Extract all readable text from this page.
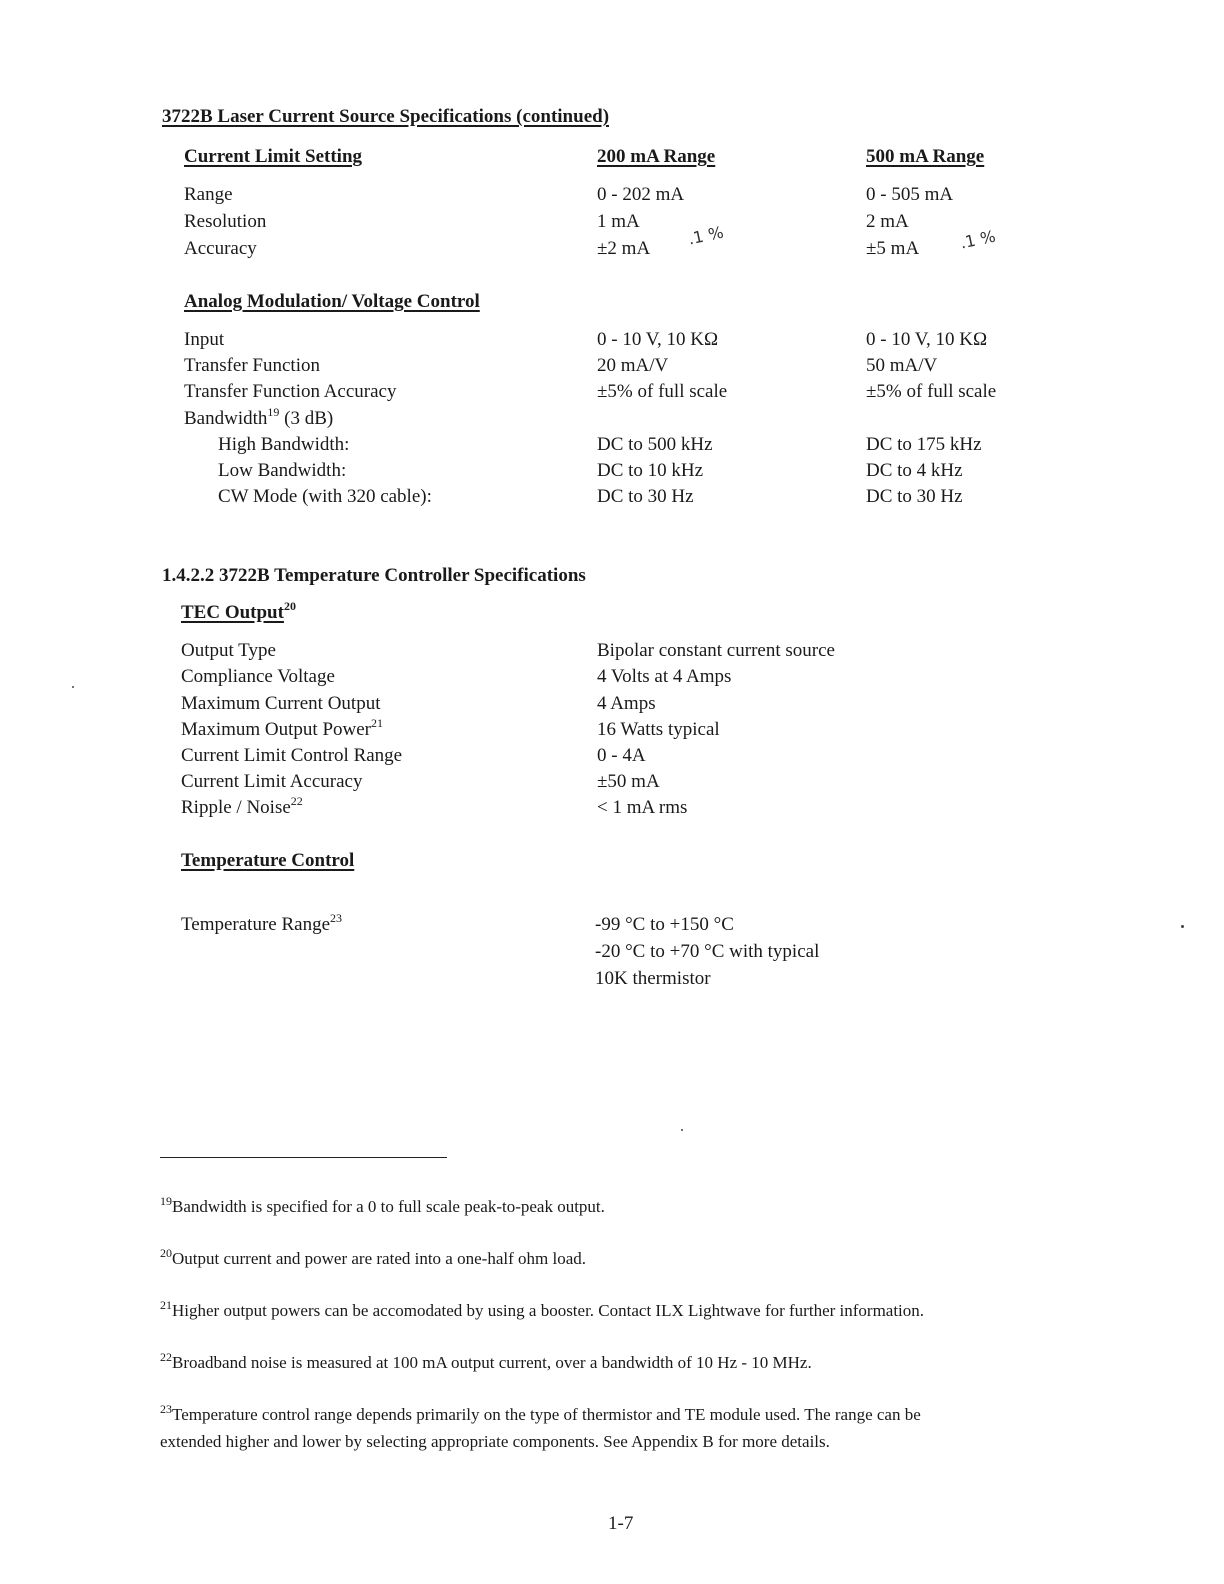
3722B Laser Current Source Specifications (continued)
Current Limit Setting	200 mA Range	500 mA Range
Range	0 - 202 mA	0 - 505 mA
Resolution	1 mA	2 mA
Accuracy	±2 mA	±5 mA
.1 %	.1 %
Analog Modulation/ Voltage Control
Input	0 - 10 V, 10 KΩ	0 - 10 V, 10 KΩ
Transfer Function	20 mA/V	50 mA/V
Transfer Function Accuracy	±5% of full scale	±5% of full scale
Bandwidth$^{19}$ (3 dB)
High Bandwidth:	DC to 500 kHz	DC to 175 kHz
Low Bandwidth:	DC to 10 kHz	DC to 4 kHz
CW Mode (with 320 cable):	DC to 30 Hz	DC to 30 Hz
1.4.2.2 3722B Temperature Controller Specifications
TEC Output$^{20}$
Output Type	Bipolar constant current source
Compliance Voltage	4 Volts at 4 Amps
Maximum Current Output	4 Amps
Maximum Output Power$^{21}$	16 Watts typical
Current Limit Control Range	0 - 4A
Current Limit Accuracy	±50 mA
Ripple / Noise$^{22}$	< 1 mA rms
Temperature Control
Temperature Range$^{23}$	-99 °C to +150 °C
-20 °C to +70 °C with typical
10K thermistor
$^{19}$Bandwidth is specified for a 0 to full scale peak-to-peak output.
$^{20}$Output current and power are rated into a one-half ohm load.
$^{21}$Higher output powers can be accomodated by using a booster. Contact ILX Lightwave for further information.
$^{22}$Broadband noise is measured at 100 mA output current, over a bandwidth of 10 Hz - 10 MHz.
$^{23}$Temperature control range depends primarily on the type of thermistor and TE module used. The range can be
extended higher and lower by selecting appropriate components. See Appendix B for more details.
1-7
